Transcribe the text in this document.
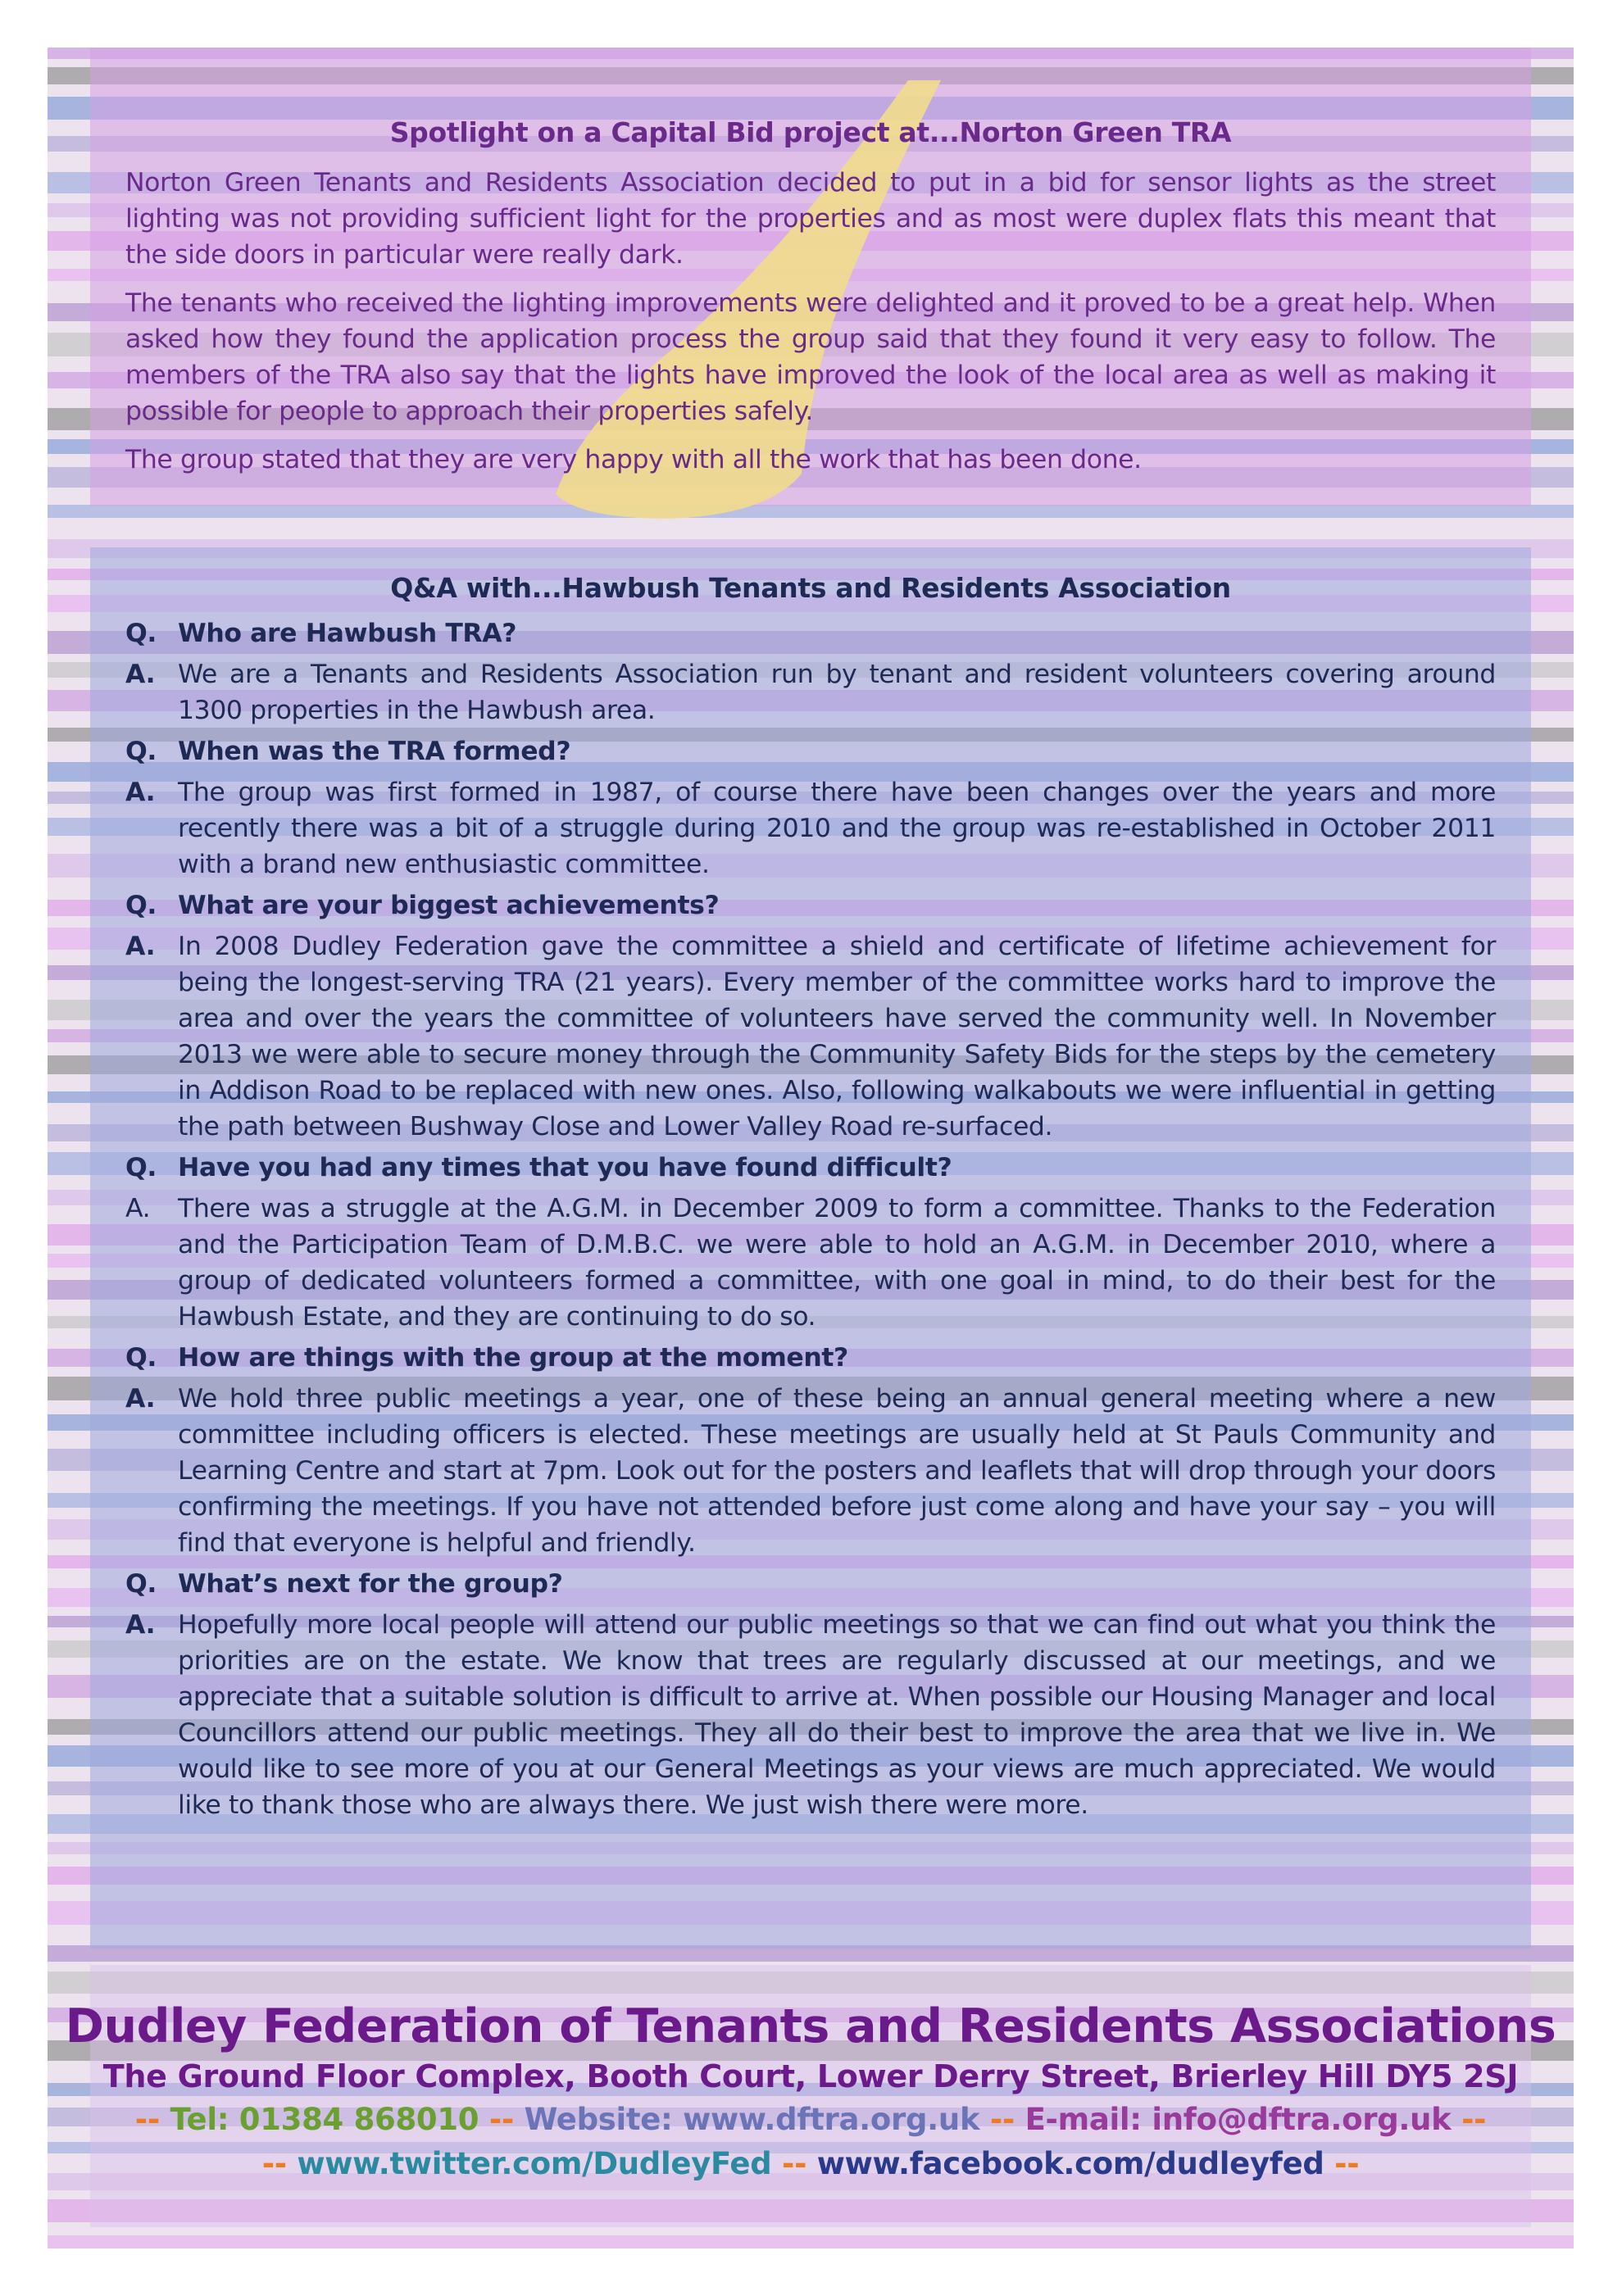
Spotlight on a Capital Bid project at...Norton Green TRA

Norton Green Tenants and Residents Association decided to put in a bid for sensor lights as the street lighting was not providing sufficient light for the properties and as most were duplex flats this meant that the side doors in particular were really dark.

The tenants who received the lighting improvements were delighted and it proved to be a great help. When asked how they found the application process the group said that they found it very easy to follow. The members of the TRA also say that the lights have improved the look of the local area as well as making it possible for people to approach their properties safely.

The group stated that they are very happy with all the work that has been done.

Q&A with...Hawbush Tenants and Residents Association
Q. Who are Hawbush TRA?
A. We are a Tenants and Residents Association run by tenant and resident volunteers covering around 1300 properties in the Hawbush area.
Q. When was the TRA formed?
A. The group was first formed in 1987, of course there have been changes over the years and more recently there was a bit of a struggle during 2010 and the group was re-established in October 2011 with a brand new enthusiastic committee.
Q. What are your biggest achievements?
A. In 2008 Dudley Federation gave the committee a shield and certificate of lifetime achievement for being the longest-serving TRA (21 years). Every member of the committee works hard to improve the area and over the years the committee of volunteers have served the community well. In November 2013 we were able to secure money through the Community Safety Bids for the steps by the cemetery in Addison Road to be replaced with new ones. Also, following walkabouts we were influential in getting the path between Bushway Close and Lower Valley Road re-surfaced.
Q. Have you had any times that you have found difficult?
A.	There was a struggle at the A.G.M. in December 2009 to form a committee. Thanks to the Federation and the Participation Team of D.M.B.C. we were able to hold an A.G.M. in December 2010, where a group of dedicated volunteers formed a committee, with one goal in mind, to do their best for the Hawbush Estate, and they are continuing to do so.
Q. How are things with the group at the moment?
A. We hold three public meetings a year, one of these being an annual general meeting where a new committee including officers is elected. These meetings are usually held at St Pauls Community and Learning Centre and start at 7pm. Look out for the posters and leaflets that will drop through your doors confirming the meetings. If you have not attended before just come along and have your say – you will find that everyone is helpful and friendly.
Q. What’s next for the group?
A. Hopefully more local people will attend our public meetings so that we can find out what you think the priorities are on the estate. We know that trees are regularly discussed at our meetings, and we appreciate that a suitable solution is difficult to arrive at. When possible our Housing Manager and local Councillors attend our public meetings. They all do their best to improve the area that we live in. We would like to see more of you at our General Meetings as your views are much appreciated. We would like to thank those who are always there. We just wish there were more.
Dudley Federation of Tenants and Residents Associations
The Ground Floor Complex, Booth Court, Lower Derry Street, Brierley Hill DY5 2SJ
-- Tel: 01384 868010 -- Website: www.dftra.org.uk -- E-mail: info@dftra.org.uk --
-- www.twitter.com/DudleyFed -- www.facebook.com/dudleyfed --
